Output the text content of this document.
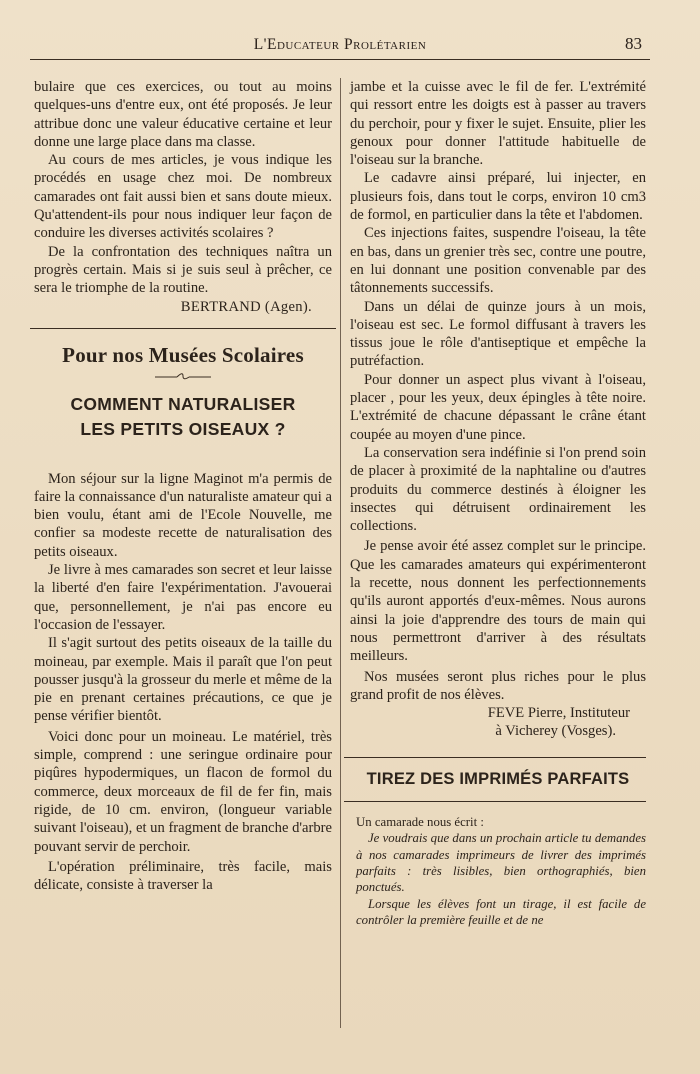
L'Educateur Prolétarien	83

bulaire que ces exercices, ou tout au moins quelques-uns d'entre eux, ont été proposés. Je leur attribue donc une valeur éducative certaine et leur donne une large place dans ma classe.

Au cours de mes articles, je vous indique les procédés en usage chez moi. De nombreux camarades ont fait aussi bien et sans doute mieux. Qu'attendent-ils pour nous indiquer leur façon de conduire les diverses activités scolaires ?

De la confrontation des techniques naîtra un progrès certain. Mais si je suis seul à prêcher, ce sera le triomphe de la routine.

BERTRAND (Agen).
Pour nos Musées Scolaires
COMMENT NATURALISER
LES PETITS OISEAUX ?

Mon séjour sur la ligne Maginot m'a permis de faire la connaissance d'un naturaliste amateur qui a bien voulu, étant ami de l'Ecole Nouvelle, me confier sa modeste recette de naturalisation des petits oiseaux.

Je livre à mes camarades son secret et leur laisse la liberté d'en faire l'expérimentation. J'avouerai que, personnellement, je n'ai pas encore eu l'occasion de l'essayer.

Il s'agit surtout des petits oiseaux de la taille du moineau, par exemple. Mais il paraît que l'on peut pousser jusqu'à la grosseur du merle et même de la pie en prenant certaines précautions, ce que je pense vérifier bientôt.

Voici donc pour un moineau. Le matériel, très simple, comprend : une seringue ordinaire pour piqûres hypodermiques, un flacon de formol du commerce, deux morceaux de fil de fer fin, mais rigide, de 10 cm. environ, (longueur variable suivant l'oiseau), et un fragment de branche d'arbre pouvant servir de perchoir.

L'opération préliminaire, très facile, mais délicate, consiste à traverser la

jambe et la cuisse avec le fil de fer. L'extrémité qui ressort entre les doigts est à passer au travers du perchoir, pour y fixer le sujet. Ensuite, plier les genoux pour donner l'attitude habituelle de l'oiseau sur la branche.

Le cadavre ainsi préparé, lui injecter, en plusieurs fois, dans tout le corps, environ 10 cm3 de formol, en particulier dans la tête et l'abdomen.

Ces injections faites, suspendre l'oiseau, la tête en bas, dans un grenier très sec, contre une poutre, en lui donnant une position convenable par des tâtonnements successifs.

Dans un délai de quinze jours à un mois, l'oiseau est sec. Le formol diffusant à travers les tissus joue le rôle d'antiseptique et empêche la putréfaction.

Pour donner un aspect plus vivant à l'oiseau, placer , pour les yeux, deux épingles à tête noire. L'extrémité de chacune dépassant le crâne étant coupée au moyen d'une pince.

La conservation sera indéfinie si l'on prend soin de placer à proximité de la naphtaline ou d'autres produits du commerce destinés à éloigner les insectes qui détruisent ordinairement les collections.

Je pense avoir été assez complet sur le principe. Que les camarades amateurs qui expérimenteront la recette, nous donnent les perfectionnements qu'ils auront apportés d'eux-mêmes. Nous aurons ainsi la joie d'apprendre des tours de main qui nous permettront d'arriver à des résultats meilleurs.

Nos musées seront plus riches pour le plus grand profit de nos élèves.

FEVE Pierre, Instituteur
à Vicherey (Vosges).
TIREZ DES IMPRIMÉS PARFAITS

Un camarade nous écrit :

Je voudrais que dans un prochain article tu demandes à nos camarades imprimeurs de livrer des imprimés parfaits : très lisibles, bien orthographiés, bien ponctués.

Lorsque les élèves font un tirage, il est facile de contrôler la première feuille et de ne
